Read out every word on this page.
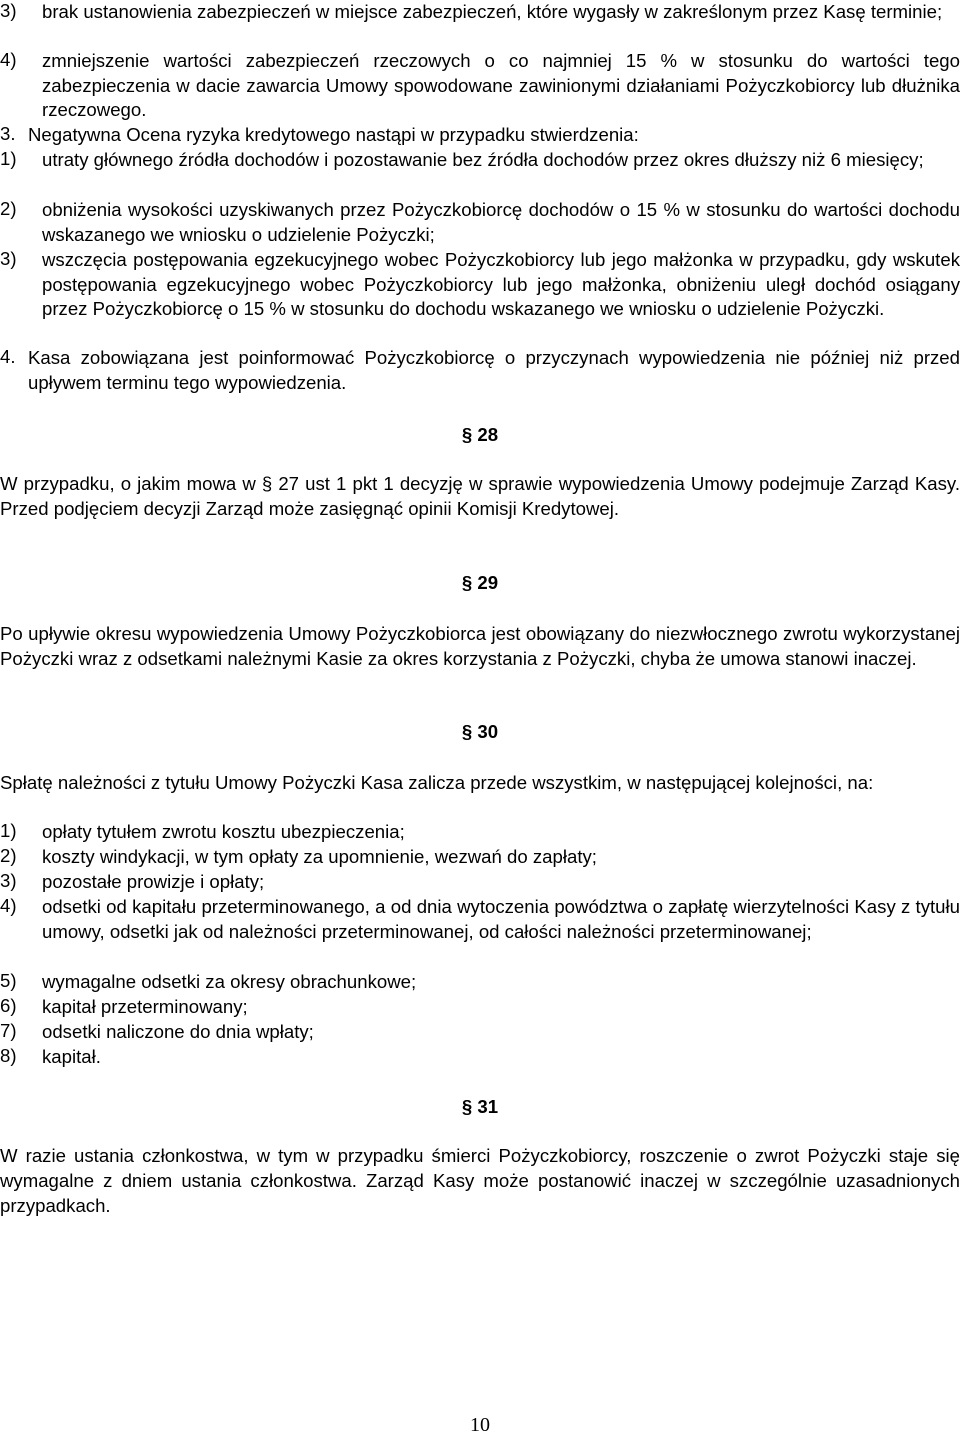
3) brak ustanowienia zabezpieczeń w miejsce zabezpieczeń, które wygasły w zakreślonym przez Kasę terminie;
4) zmniejszenie wartości zabezpieczeń rzeczowych o co najmniej 15 % w stosunku do wartości tego zabezpieczenia w dacie zawarcia Umowy spowodowane zawinionymi działaniami Pożyczkobiorcy lub dłużnika rzeczowego.
3. Negatywna Ocena ryzyka kredytowego nastąpi w przypadku stwierdzenia:
1) utraty głównego źródła dochodów i pozostawanie bez źródła dochodów przez okres dłuższy niż 6 miesięcy;
2) obniżenia wysokości uzyskiwanych przez Pożyczkobiorcę dochodów o 15 % w stosunku do wartości dochodu wskazanego we wniosku o udzielenie Pożyczki;
3) wszczęcia postępowania egzekucyjnego wobec Pożyczkobiorcy lub jego małżonka w przypadku, gdy wskutek postępowania egzekucyjnego wobec Pożyczkobiorcy lub jego małżonka, obniżeniu uległ dochód osiągany przez Pożyczkobiorcę o 15 % w stosunku do dochodu wskazanego we wniosku o udzielenie Pożyczki.
4. Kasa zobowiązana jest poinformować Pożyczkobiorcę o przyczynach wypowiedzenia nie później niż przed upływem terminu tego wypowiedzenia.

§ 28

W przypadku, o jakim mowa w § 27 ust 1 pkt 1 decyzję w sprawie wypowiedzenia Umowy podejmuje Zarząd Kasy. Przed podjęciem decyzji Zarząd może zasięgnąć opinii Komisji Kredytowej.

§ 29

Po upływie okresu wypowiedzenia Umowy Pożyczkobiorca jest obowiązany do niezwłocznego zwrotu wykorzystanej Pożyczki wraz z odsetkami należnymi Kasie za okres korzystania z Pożyczki, chyba że umowa stanowi inaczej.

§ 30

Spłatę należności z tytułu Umowy Pożyczki Kasa zalicza przede wszystkim, w następującej kolejności, na:

1) opłaty tytułem zwrotu kosztu ubezpieczenia;
2) koszty windykacji, w tym opłaty za upomnienie, wezwań do zapłaty;
3) pozostałe prowizje i opłaty;
4) odsetki od kapitału przeterminowanego, a od dnia wytoczenia powództwa o zapłatę wierzytelności Kasy z tytułu umowy, odsetki jak od należności przeterminowanej, od całości należności przeterminowanej;
5) wymagalne odsetki za okresy obrachunkowe;
6) kapitał przeterminowany;
7) odsetki naliczone do dnia wpłaty;
8) kapitał.

§ 31

W razie ustania członkostwa, w tym w przypadku śmierci Pożyczkobiorcy, roszczenie o zwrot Pożyczki staje się wymagalne z dniem ustania członkostwa. Zarząd Kasy może postanowić inaczej w szczególnie uzasadnionych przypadkach.

10
